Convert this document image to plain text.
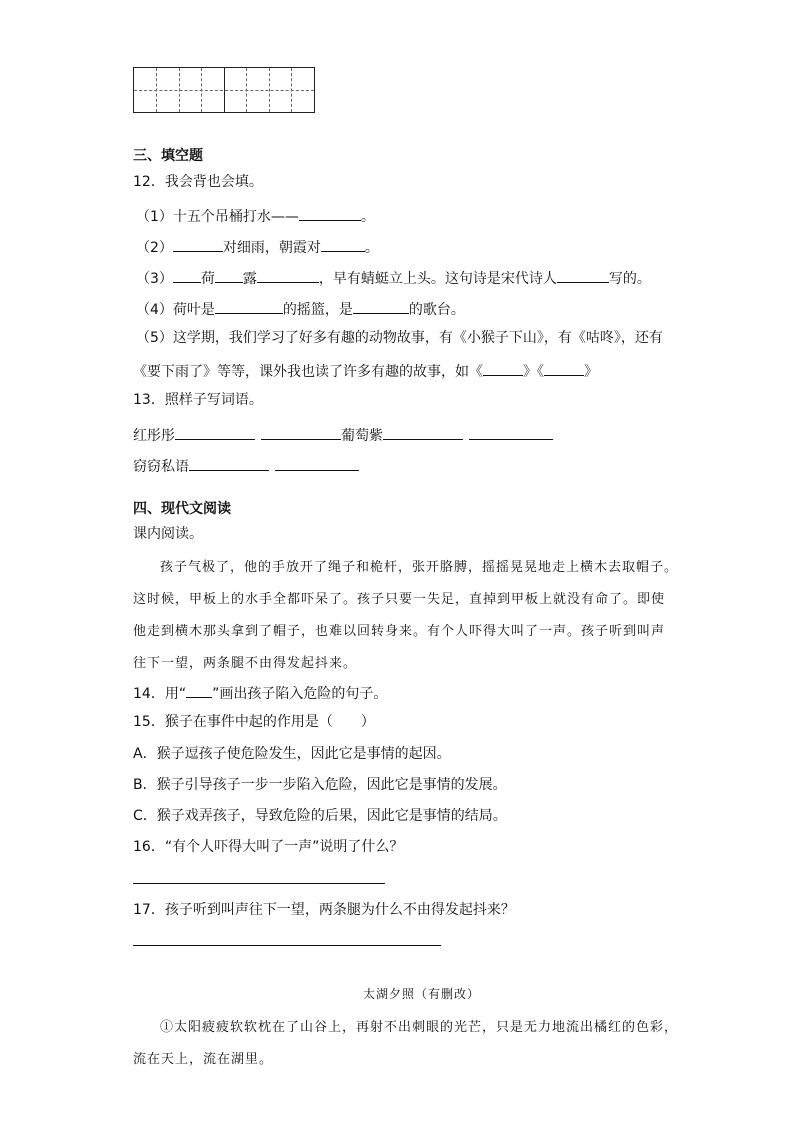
三、填空题
12．我会背也会填。
（1）十五个吊桶打水——	。
（2）	对细雨，朝霞对	。
（3） 荷 露	，早有蜻蜓立上头。这句诗是宋代诗人	写的。
（4）荷叶是	的摇篮，是	的歌台。
（5）这学期，我们学习了好多有趣的动物故事，有《小猴子下山》，有《咕咚》，还有
《要下雨了》等等，课外我也读了许多有趣的故事，如《	》《	》
13．照样子写词语。
红彤彤	葡萄紫
窃窃私语
四、现代文阅读
课内阅读。
孩子气极了，他的手放开了绳子和桅杆，张开胳膊，摇摇晃晃地走上横木去取帽子。
这时候，甲板上的水手全都吓呆了。孩子只要一失足，直掉到甲板上就没有命了。即使
他走到横木那头拿到了帽子，也难以回转身来。有个人吓得大叫了一声。孩子听到叫声
往下一望，两条腿不由得发起抖来。
14．用“ ”画出孩子陷入危险的句子。
15．猴子在事件中起的作用是（　　）
A．猴子逗孩子使危险发生，因此它是事情的起因。
B．猴子引导孩子一步一步陷入危险，因此它是事情的发展。
C．猴子戏弄孩子，导致危险的后果，因此它是事情的结局。
16．“有个人吓得大叫了一声”说明了什么？
17．孩子听到叫声往下一望，两条腿为什么不由得发起抖来？
太湖夕照（有删改）
①太阳疲疲软软枕在了山谷上，再射不出刺眼的光芒，只是无力地流出橘红的色彩，
流在天上，流在湖里。
